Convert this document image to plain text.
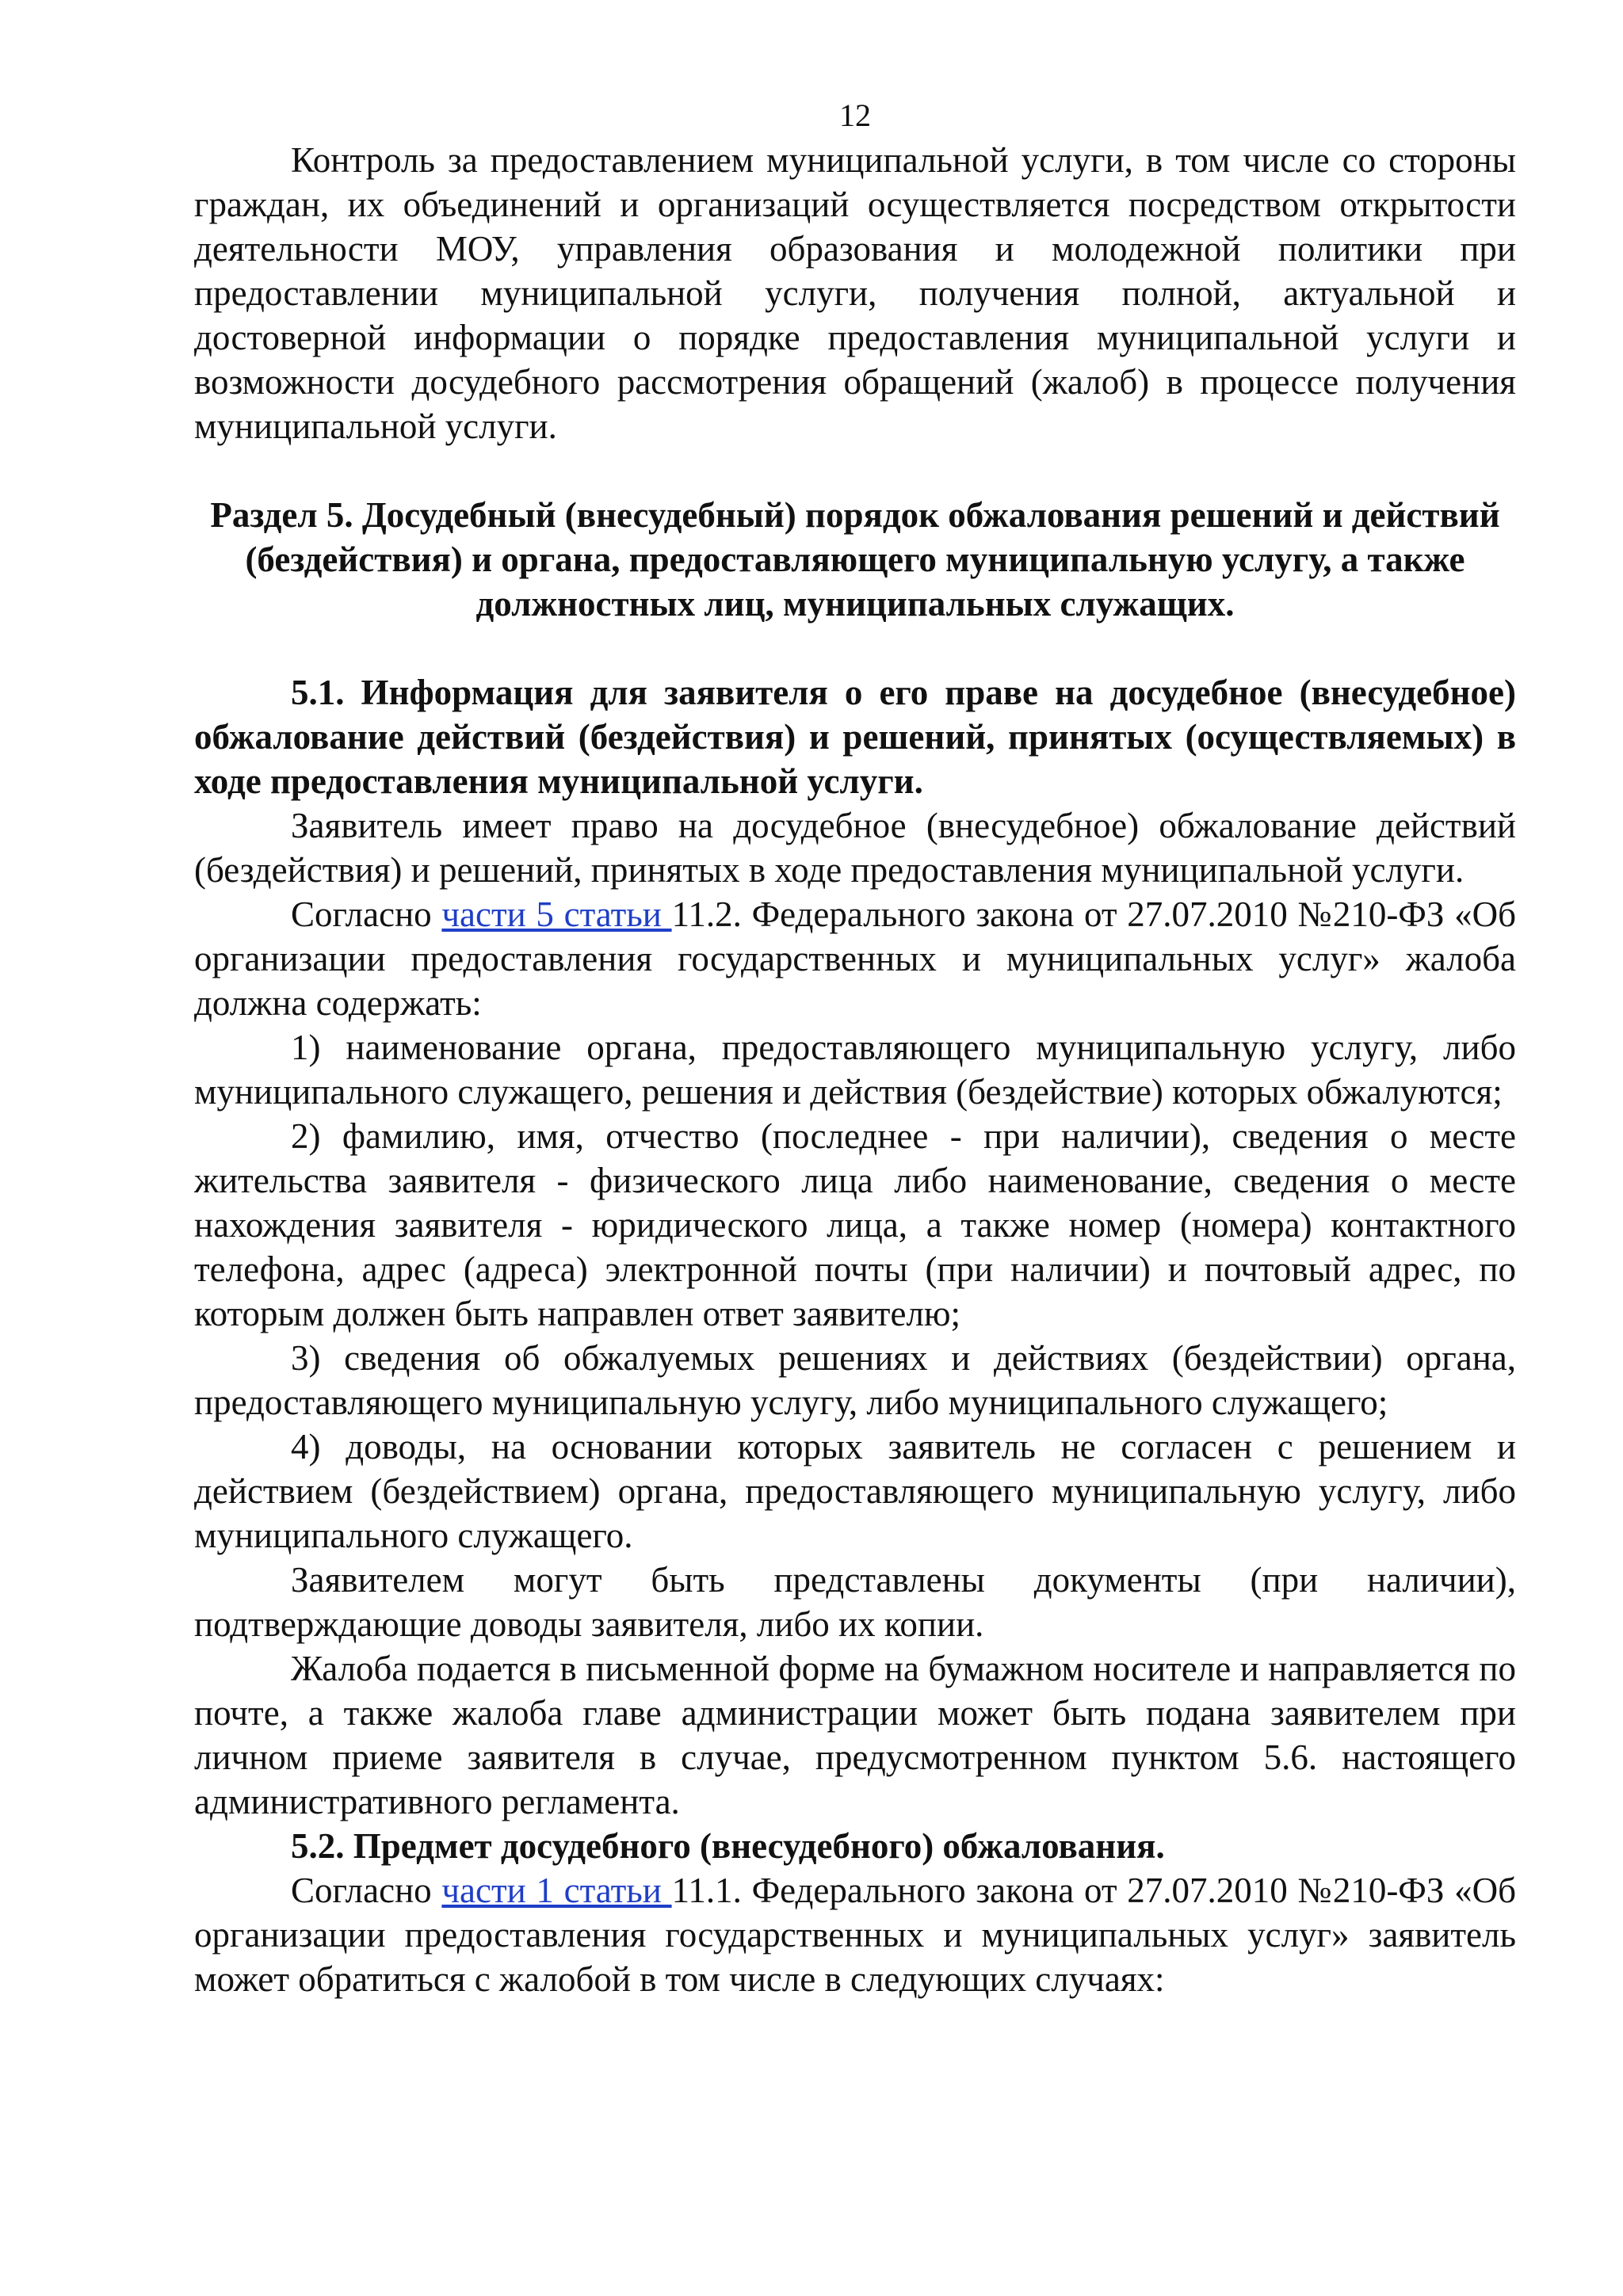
12

Контроль за предоставлением муниципальной услуги, в том числе со стороны граждан, их объединений и организаций осуществляется посредством открытости деятельности МОУ, управления образования и молодежной политики при предоставлении муниципальной услуги, получения полной, актуальной и достоверной информации о порядке предоставления муниципальной услуги и возможности досудебного рассмотрения обращений (жалоб) в процессе получения муниципальной услуги.

Раздел 5. Досудебный (внесудебный) порядок обжалования решений и действий (бездействия) и органа, предоставляющего муниципальную услугу, а также должностных лиц, муниципальных служащих.

5.1. Информация для заявителя о его праве на досудебное (внесудебное) обжалование действий (бездействия) и решений, принятых (осуществляемых) в ходе предоставления муниципальной услуги.

Заявитель имеет право на досудебное (внесудебное) обжалование действий (бездействия) и решений, принятых в ходе предоставления муниципальной услуги.

Согласно части 5 статьи 11.2. Федерального закона от 27.07.2010 №210-ФЗ «Об организации предоставления государственных и муниципальных услуг» жалоба должна содержать:

1) наименование органа, предоставляющего муниципальную услугу, либо муниципального служащего, решения и действия (бездействие) которых обжалуются;

2) фамилию, имя, отчество (последнее - при наличии), сведения о месте жительства заявителя - физического лица либо наименование, сведения о месте нахождения заявителя - юридического лица, а также номер (номера) контактного телефона, адрес (адреса) электронной почты (при наличии) и почтовый адрес, по которым должен быть направлен ответ заявителю;

3) сведения об обжалуемых решениях и действиях (бездействии) органа, предоставляющего муниципальную услугу, либо муниципального служащего;

4) доводы, на основании которых заявитель не согласен с решением и действием (бездействием) органа, предоставляющего муниципальную услугу, либо муниципального служащего.

Заявителем могут быть представлены документы (при наличии), подтверждающие доводы заявителя, либо их копии.

Жалоба подается в письменной форме на бумажном носителе и направляется по почте, а также жалоба главе администрации может быть подана заявителем при личном приеме заявителя в случае, предусмотренном пунктом 5.6. настоящего административного регламента.

5.2. Предмет досудебного (внесудебного) обжалования.

Согласно части 1 статьи 11.1. Федерального закона от 27.07.2010 №210-ФЗ «Об организации предоставления государственных и муниципальных услуг» заявитель может обратиться с жалобой в том числе в следующих случаях:
